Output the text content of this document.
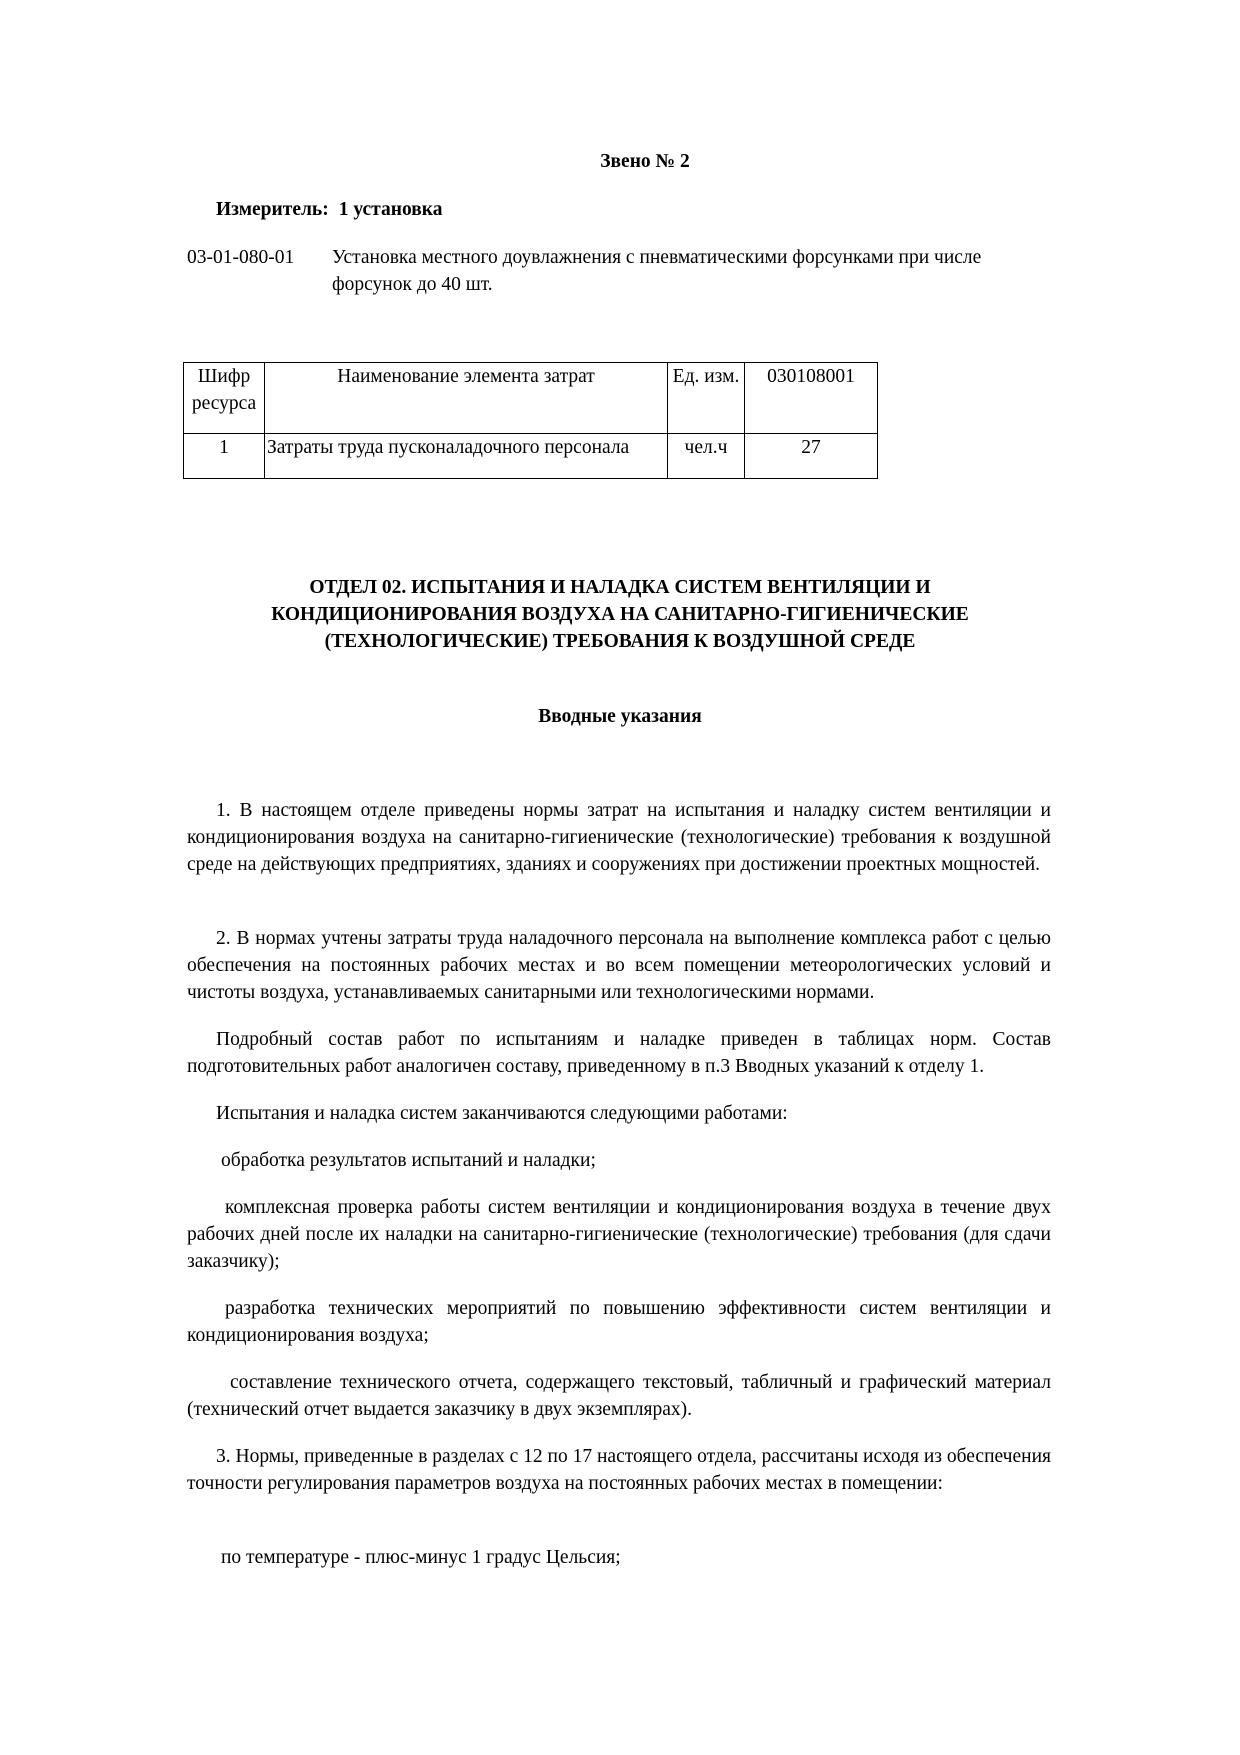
Звено № 2
Измеритель: 1 установка
03-01-080-01 Установка местного доувлажнения с пневматическими форсунками при числе форсунок до 40 шт.
Шифр ресурса	Наименование элемента затрат	Ед. изм.	030108001
1	Затраты труда пусконаладочного персонала	чел.ч	27
ОТДЕЛ 02. ИСПЫТАНИЯ И НАЛАДКА СИСТЕМ ВЕНТИЛЯЦИИ И КОНДИЦИОНИРОВАНИЯ ВОЗДУХА НА САНИТАРНО-ГИГИЕНИЧЕСКИЕ (ТЕХНОЛОГИЧЕСКИЕ) ТРЕБОВАНИЯ К ВОЗДУШНОЙ СРЕДЕ
Вводные указания
1. В настоящем отделе приведены нормы затрат на испытания и наладку систем вентиляции и кондиционирования воздуха на санитарно-гигиенические (технологические) требования к воздушной среде на действующих предприятиях, зданиях и сооружениях при достижении проектных мощностей.
2. В нормах учтены затраты труда наладочного персонала на выполнение комплекса работ с целью обеспечения на постоянных рабочих местах и во всем помещении метеорологических условий и чистоты воздуха, устанавливаемых санитарными или технологическими нормами.
Подробный состав работ по испытаниям и наладке приведен в таблицах норм. Состав подготовительных работ аналогичен составу, приведенному в п.3 Вводных указаний к отделу 1.
Испытания и наладка систем заканчиваются следующими работами:
обработка результатов испытаний и наладки;
комплексная проверка работы систем вентиляции и кондиционирования воздуха в течение двух рабочих дней после их наладки на санитарно-гигиенические (технологические) требования (для сдачи заказчику);
разработка технических мероприятий по повышению эффективности систем вентиляции и кондиционирования воздуха;
составление технического отчета, содержащего текстовый, табличный и графический материал (технический отчет выдается заказчику в двух экземплярах).
3. Нормы, приведенные в разделах с 12 по 17 настоящего отдела, рассчитаны исходя из обеспечения точности регулирования параметров воздуха на постоянных рабочих местах в помещении:
по температуре - плюс-минус 1 градус Цельсия;
